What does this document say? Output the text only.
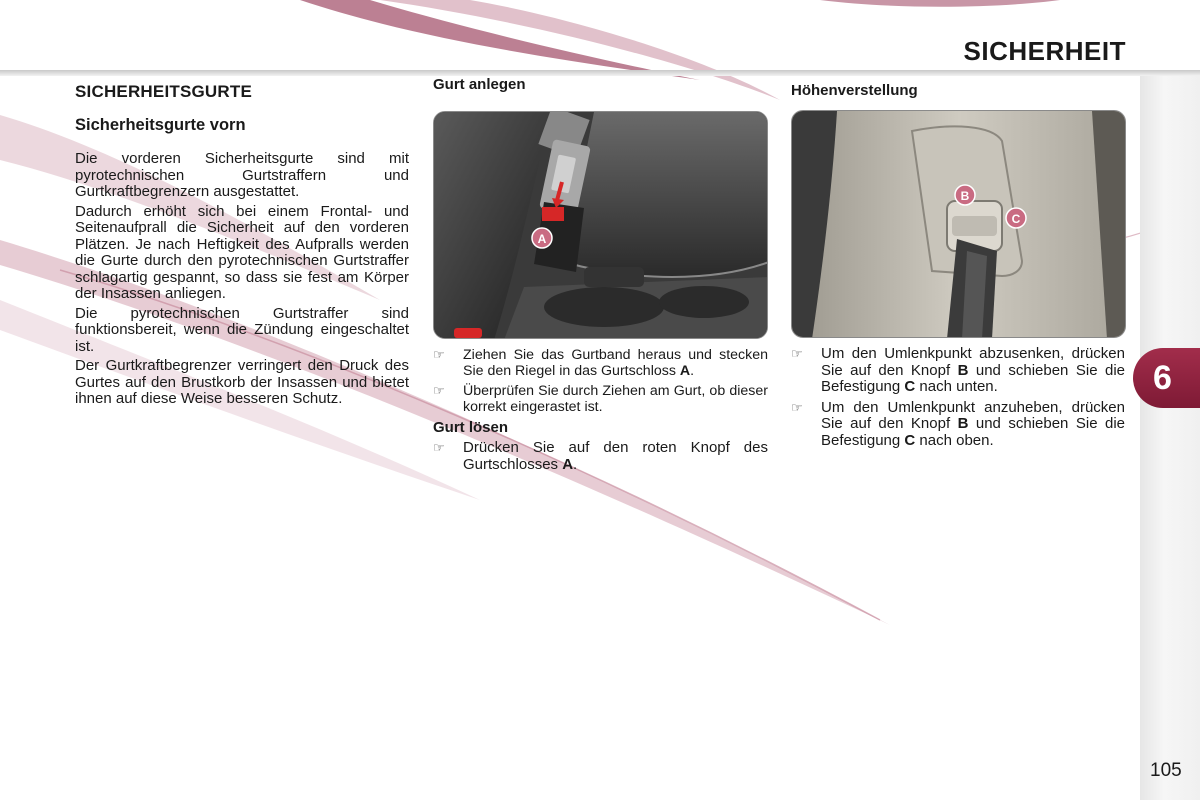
SICHERHEIT
6
105
SICHERHEITSGURTE
Sicherheitsgurte vorn

Die vorderen Sicherheitsgurte sind mit pyrotechnischen Gurtstraffern und Gurtkraftbegrenzern ausgestattet.

Dadurch erhöht sich bei einem Frontal- und Seitenaufprall die Sicherheit auf den vorderen Plätzen. Je nach Heftigkeit des Aufpralls werden die Gurte durch den pyrotechnischen Gurtstraffer schlagartig gespannt, so dass sie fest am Körper der Insassen anliegen.

Die pyrotechnischen Gurtstraffer sind funktionsbereit, wenn die Zündung eingeschaltet ist.

Der Gurtkraftbegrenzer verringert den Druck des Gurtes auf den Brustkorb der Insassen und bietet ihnen auf diese Weise besseren Schutz.

Gurt anlegen
A
☞ Ziehen Sie das Gurtband heraus und stecken Sie den Riegel in das Gurtschloss A.
☞ Überprüfen Sie durch Ziehen am Gurt, ob dieser korrekt eingerastet ist.
Gurt lösen
☞ Drücken Sie auf den roten Knopf des Gurtschlosses A.
Höhenverstellung
B
C
☞ Um den Umlenkpunkt abzusenken, drücken Sie auf den Knopf B und schieben Sie die Befestigung C nach unten.
☞ Um den Umlenkpunkt anzuheben, drücken Sie auf den Knopf B und schieben Sie die Befestigung C nach oben.
